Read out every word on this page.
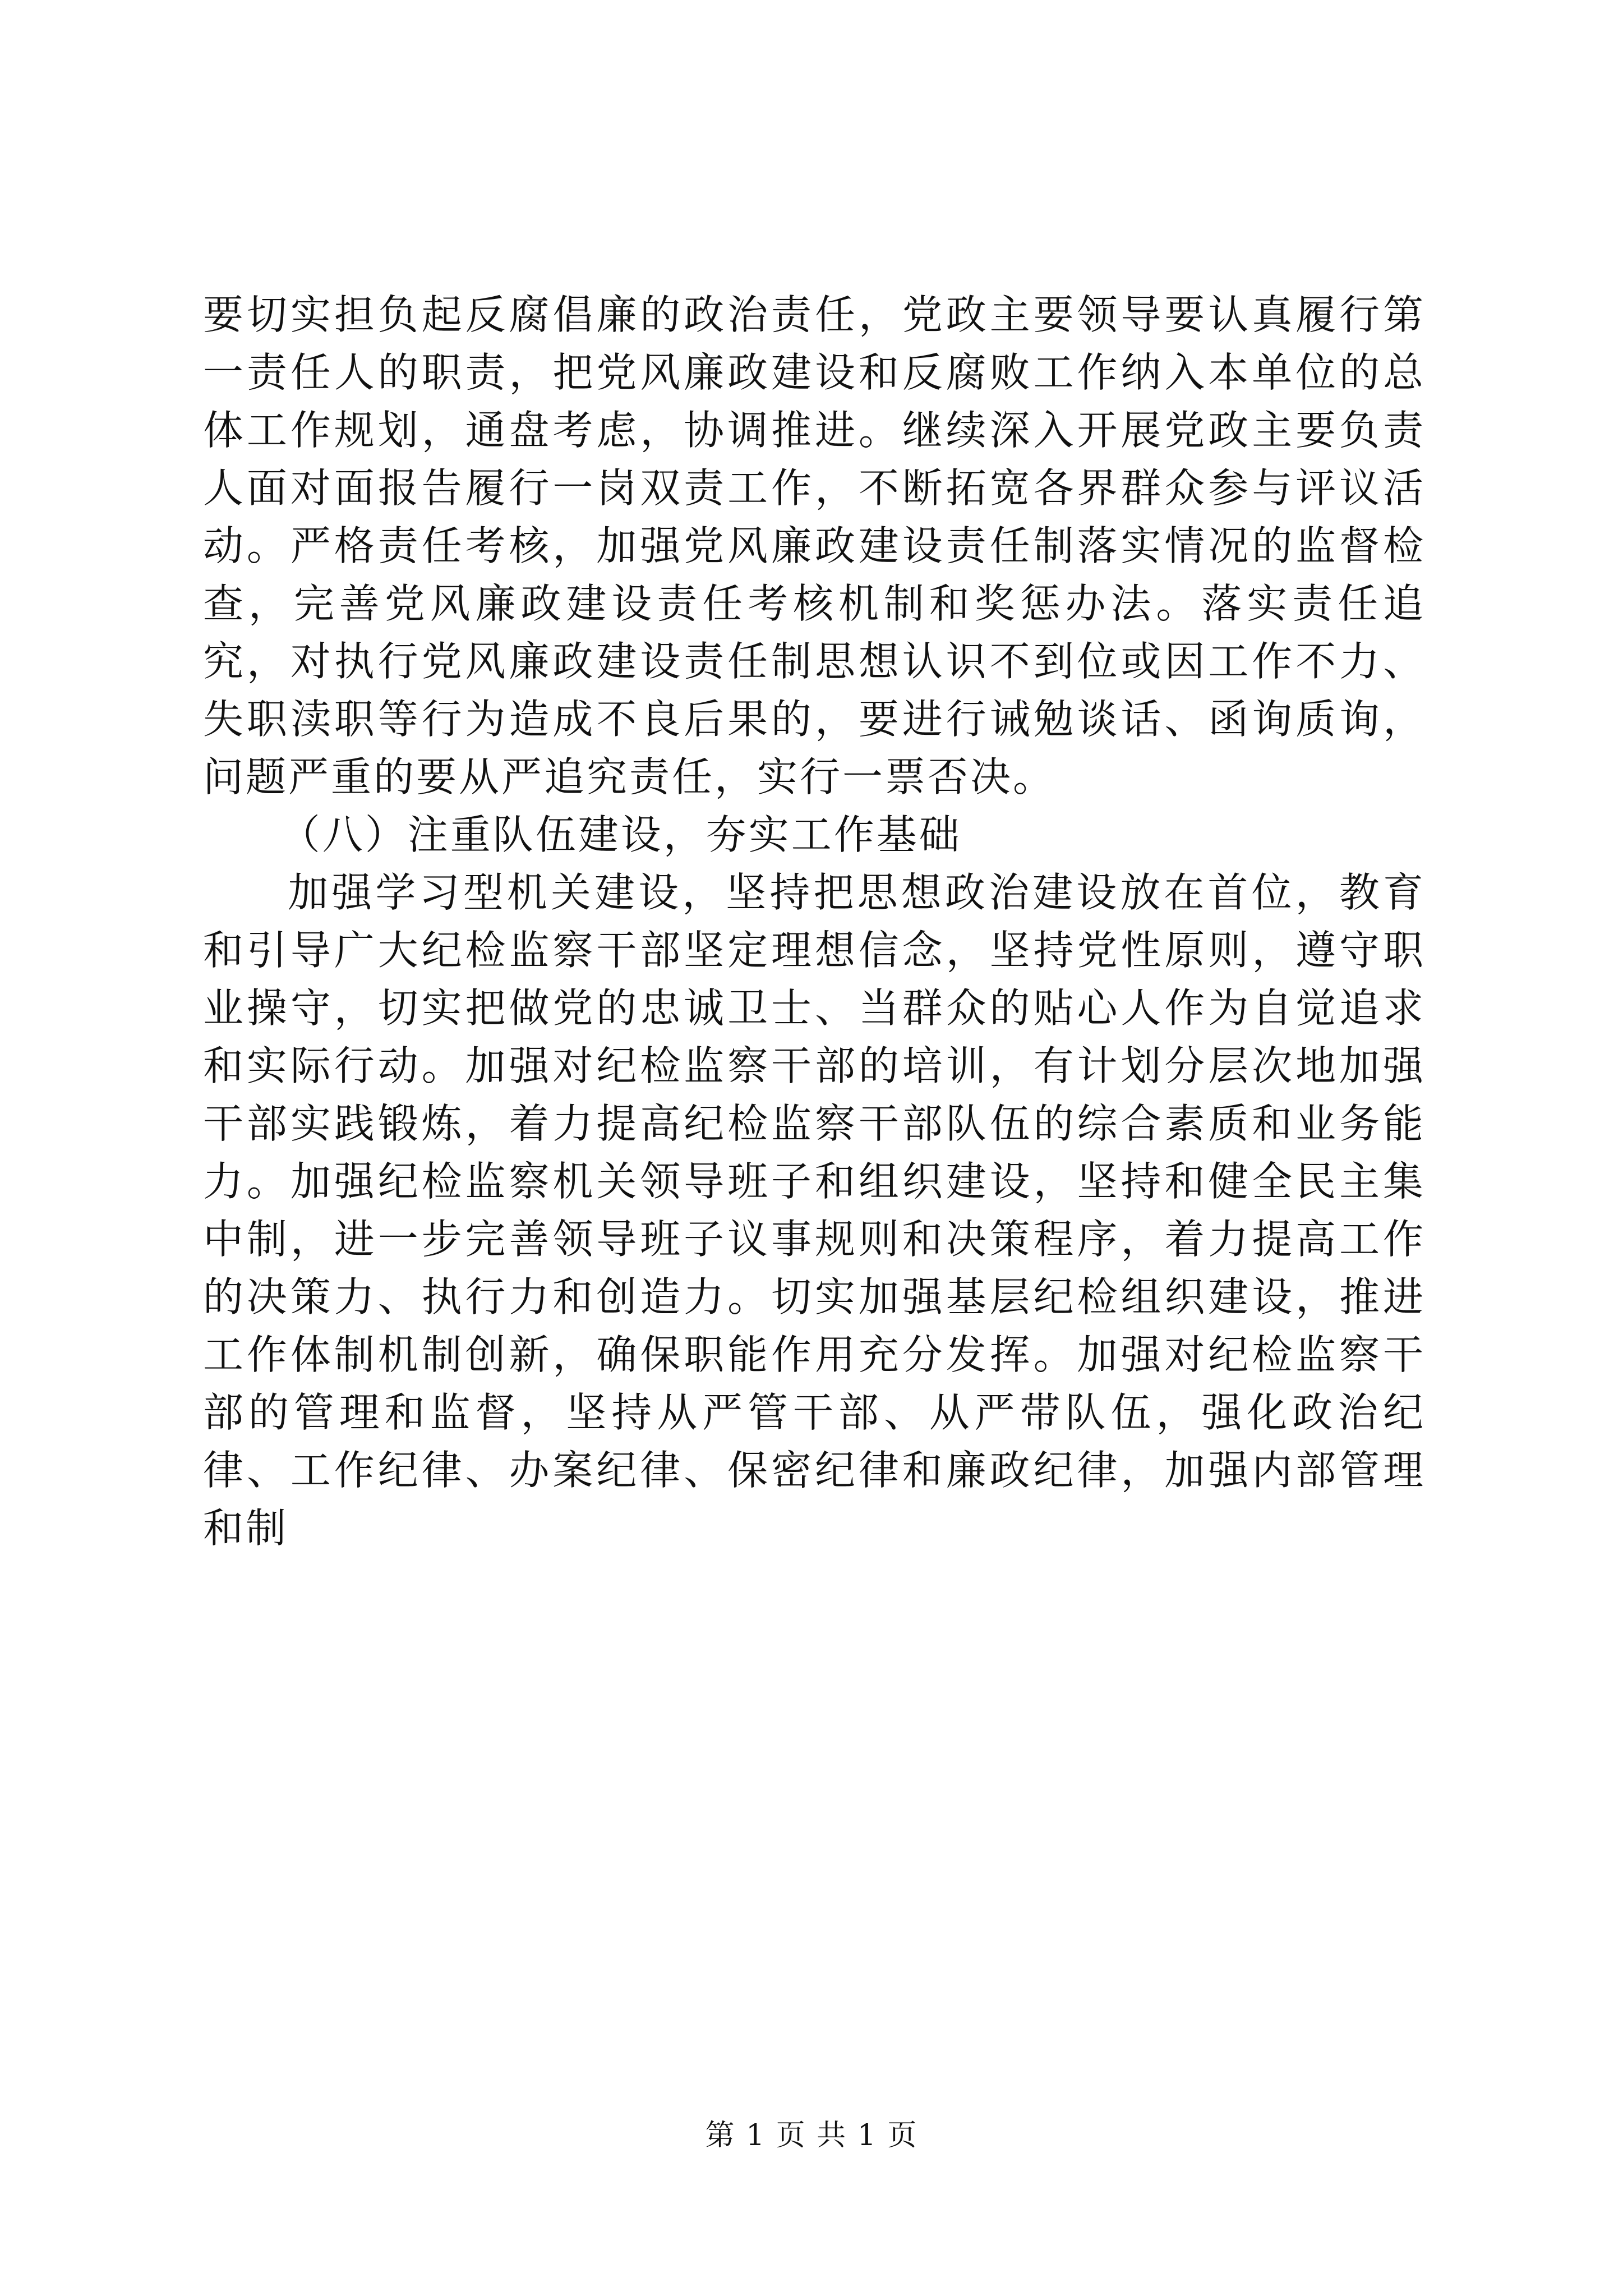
要切实担负起反腐倡廉的政治责任，党政主要领导要认真履行第一责任人的职责，把党风廉政建设和反腐败工作纳入本单位的总体工作规划，通盘考虑，协调推进。继续深入开展党政主要负责人面对面报告履行一岗双责工作，不断拓宽各界群众参与评议活动。严格责任考核，加强党风廉政建设责任制落实情况的监督检查，完善党风廉政建设责任考核机制和奖惩办法。落实责任追究，对执行党风廉政建设责任制思想认识不到位或因工作不力、失职渎职等行为造成不良后果的，要进行诫勉谈话、函询质询，问题严重的要从严追究责任，实行一票否决。

（八）注重队伍建设，夯实工作基础

加强学习型机关建设，坚持把思想政治建设放在首位，教育和引导广大纪检监察干部坚定理想信念，坚持党性原则，遵守职业操守，切实把做党的忠诚卫士、当群众的贴心人作为自觉追求和实际行动。加强对纪检监察干部的培训，有计划分层次地加强干部实践锻炼，着力提高纪检监察干部队伍的综合素质和业务能力。加强纪检监察机关领导班子和组织建设，坚持和健全民主集中制，进一步完善领导班子议事规则和决策程序，着力提高工作的决策力、执行力和创造力。切实加强基层纪检组织建设，推进工作体制机制创新，确保职能作用充分发挥。加强对纪检监察干部的管理和监督，坚持从严管干部、从严带队伍，强化政治纪律、工作纪律、办案纪律、保密纪律和廉政纪律，加强内部管理和制

第 1 页 共 1 页
